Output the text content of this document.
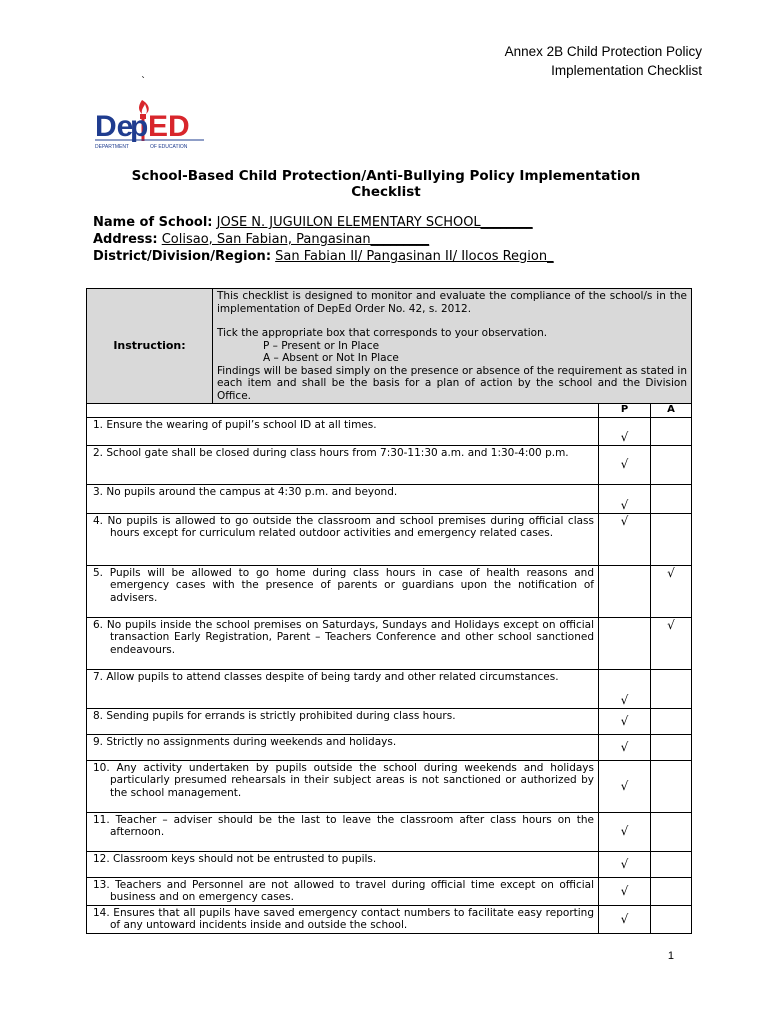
Annex 2B Child Protection Policy
Implementation Checklist
`
De ED
p
DEPARTMENT	OF EDUCATION
School-Based Child Protection/Anti-Bullying Policy Implementation
Checklist
Name of School: JOSE N. JUGUILON ELEMENTARY SCHOOL________
Address: Colisao, San Fabian, Pangasinan_________
District/Division/Region: San Fabian II/ Pangasinan II/ Ilocos Region_
Instruction:	This checklist is designed to monitor and evaluate the compliance of the school/s in the implementation of DepEd Order No. 42, s. 2012.

Tick the appropriate box that corresponds to your observation.

P – Present or In Place

A – Absent or Not In Place

Findings will be based simply on the presence or absence of the requirement as stated in each item and shall be the basis for a plan of action by the school and the Division Office.		

		P	A

1. Ensure the wearing of pupil’s school ID at all times.		√	

2. School gate shall be closed during class hours from 7:30-11:30 a.m. and 1:30-4:00 p.m.		√	

3. No pupils around the campus at 4:30 p.m. and beyond.		√	

4. No pupils is allowed to go outside the classroom and school premises during official class hours except for curriculum related outdoor activities and emergency related cases.		√	

5. Pupils will be allowed to go home during class hours in case of health reasons and emergency cases with the presence of parents or guardians upon the notification of advisers.			√

6. No pupils inside the school premises on Saturdays, Sundays and Holidays except on official transaction Early Registration, Parent – Teachers Conference and other school sanctioned endeavours.			√

7. Allow pupils to attend classes despite of being tardy and other related circumstances.		√	

8. Sending pupils for errands is strictly prohibited during class hours.		√	

9. Strictly no assignments during weekends and holidays.		√	

10. Any activity undertaken by pupils outside the school during weekends and holidays particularly presumed rehearsals in their subject areas is not sanctioned or authorized by the school management.		√	

11. Teacher – adviser should be the last to leave the classroom after class hours on the afternoon.		√	

12. Classroom keys should not be entrusted to pupils.		√	

13. Teachers and Personnel are not allowed to travel during official time except on official business and on emergency cases.		√	

14. Ensures that all pupils have saved emergency contact numbers to facilitate easy reporting of any untoward incidents inside and outside the school.		√	
1
